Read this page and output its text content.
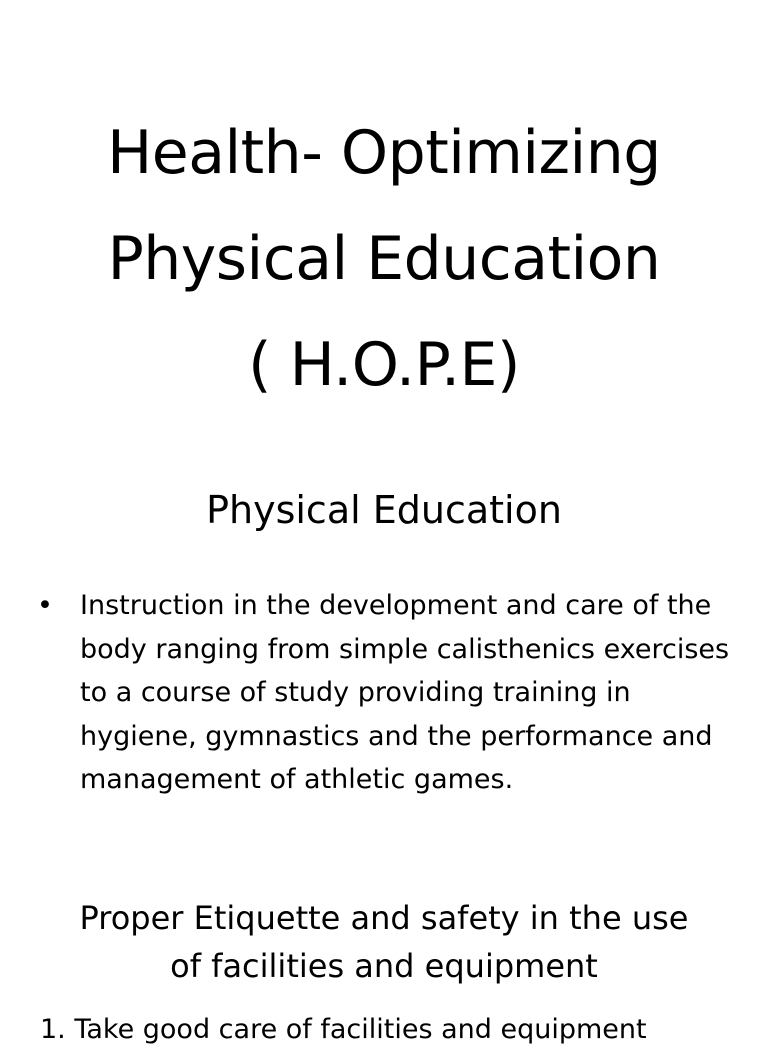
Health- Optimizing
Physical Education
( H.O.P.E)
Physical Education
• Instruction in the development and care of the body ranging from simple calisthenics exercises to a course of study providing training in hygiene, gymnastics and the performance and management of athletic games.
Proper Etiquette and safety in the use
of facilities and equipment
1. Take good care of facilities and equipment
